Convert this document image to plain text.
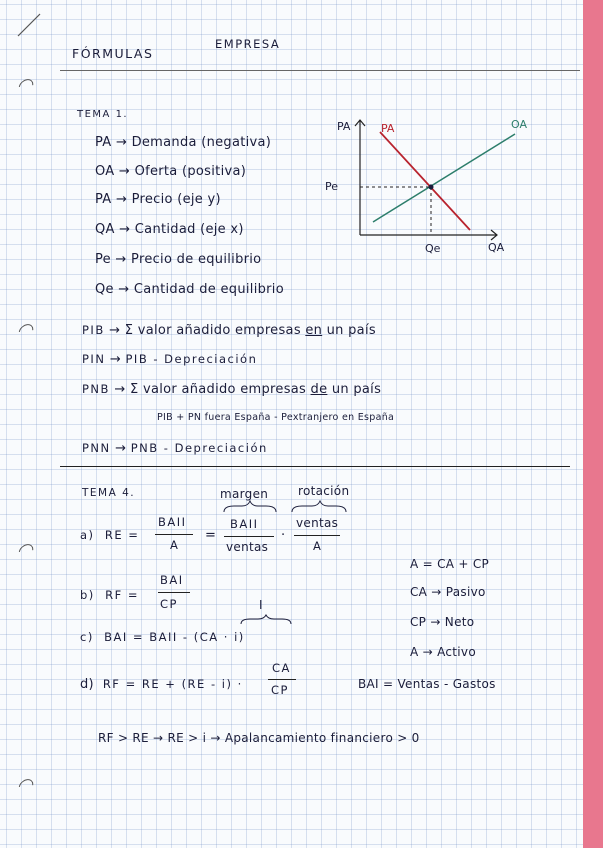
FÓRMULAS
EMPRESA
TEMA 1.
PA → Demanda (negativa)
OA → Oferta (positiva)
PA → Precio (eje y)
QA → Cantidad (eje x)
Pe → Precio de equilibrio
Qe → Cantidad de equilibrio
PA
QA
PA	OA
Pe
Qe
PIB → Σ valor añadido empresas en un país
PIN → PIB - Depreciación
PNB → Σ valor añadido empresas de un país
PIB + PN fuera España - Pextranjero en España
PNN → PNB - Depreciación
TEMA 4.	margen rotación
a) RE =
BAII
A
=
BAII
ventas
·
ventas
A
A = CA + CP
CA → Pasivo
CP → Neto
A → Activo
b) RF =
BAI
CP	I
c) BAI = BAII - (CA · i)
d) RF = RE + (RE - i) ·
CA
CP	BAI = Ventas - Gastos
RF > RE → RE > i → Apalancamiento financiero > 0
